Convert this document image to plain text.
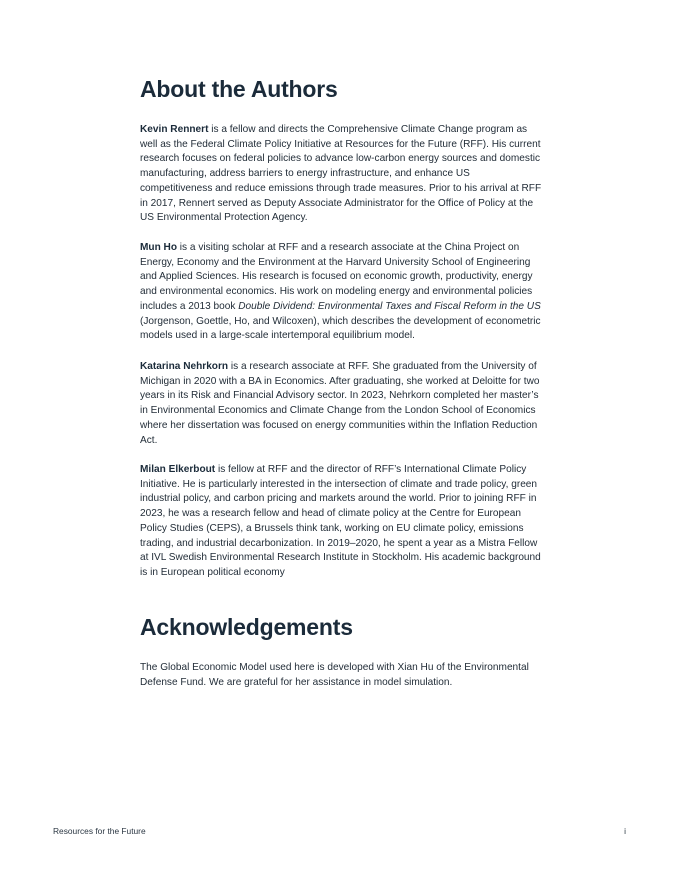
About the Authors

Kevin Rennert is a fellow and directs the Comprehensive Climate Change program as well as the Federal Climate Policy Initiative at Resources for the Future (RFF). His current research focuses on federal policies to advance low-carbon energy sources and domestic manufacturing, address barriers to energy infrastructure, and enhance US competitiveness and reduce emissions through trade measures. Prior to his arrival at RFF in 2017, Rennert served as Deputy Associate Administrator for the Office of Policy at the US Environmental Protection Agency.

Mun Ho is a visiting scholar at RFF and a research associate at the China Project on Energy, Economy and the Environment at the Harvard University School of Engineering and Applied Sciences. His research is focused on economic growth, productivity, energy and environmental economics. His work on modeling energy and environmental policies includes a 2013 book Double Dividend: Environmental Taxes and Fiscal Reform in the US (Jorgenson, Goettle, Ho, and Wilcoxen), which describes the development of econometric models used in a large-scale intertemporal equilibrium model.

Katarina Nehrkorn is a research associate at RFF. She graduated from the University of Michigan in 2020 with a BA in Economics. After graduating, she worked at Deloitte for two years in its Risk and Financial Advisory sector. In 2023, Nehrkorn completed her master’s in Environmental Economics and Climate Change from the London School of Economics where her dissertation was focused on energy communities within the Inflation Reduction Act.

Milan Elkerbout is fellow at RFF and the director of RFF’s International Climate Policy Initiative. He is particularly interested in the intersection of climate and trade policy, green industrial policy, and carbon pricing and markets around the world. Prior to joining RFF in 2023, he was a research fellow and head of climate policy at the Centre for European Policy Studies (CEPS), a Brussels think tank, working on EU climate policy, emissions trading, and industrial decarbonization. In 2019–2020, he spent a year as a Mistra Fellow at IVL Swedish Environmental Research Institute in Stockholm. His academic background is in European political economy

Acknowledgements

The Global Economic Model used here is developed with Xian Hu of the Environmental Defense Fund. We are grateful for her assistance in model simulation.

Resources for the Future	i
